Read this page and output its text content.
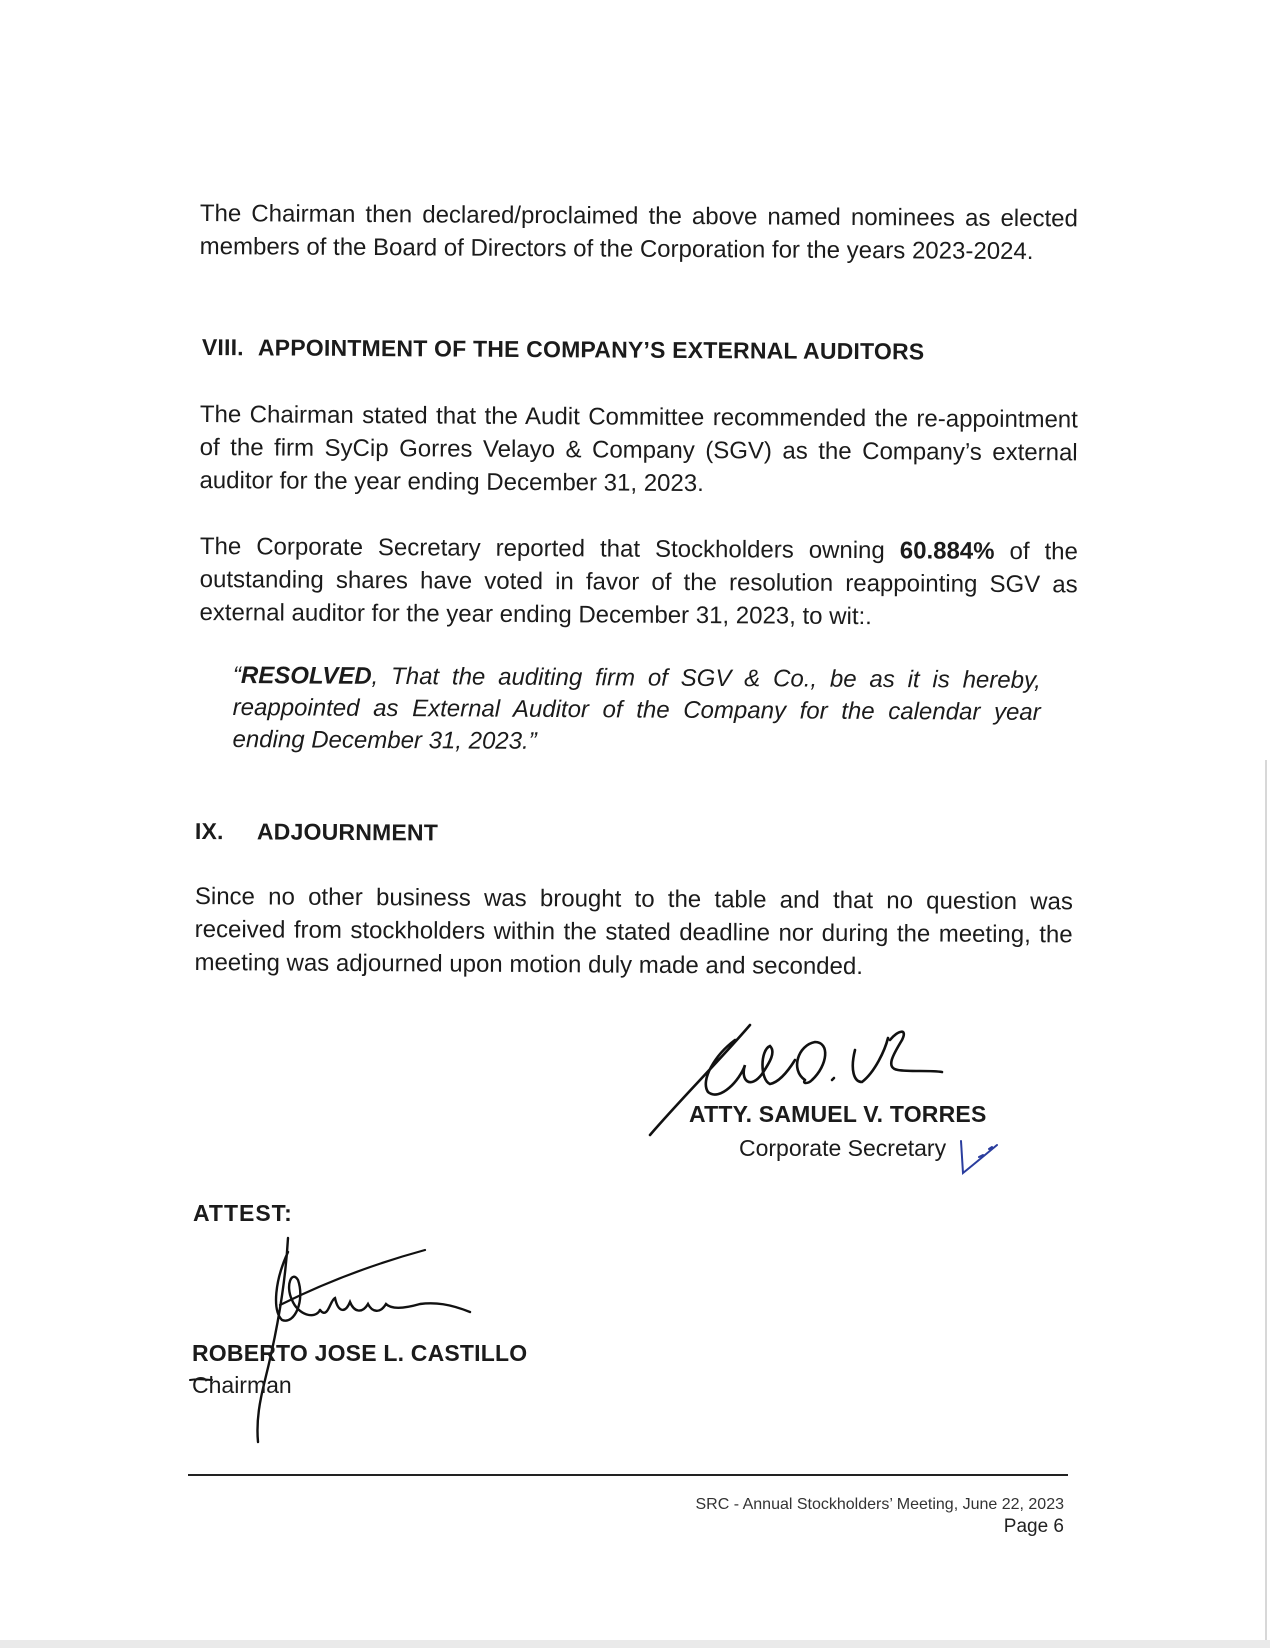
The Chairman then declared/proclaimed the above named nominees as elected members of the Board of Directors of the Corporation for the years 2023-2024.
VIII. APPOINTMENT OF THE COMPANY’S EXTERNAL AUDITORS
The Chairman stated that the Audit Committee recommended the re-appointment of the firm SyCip Gorres Velayo & Company (SGV) as the Company’s external auditor for the year ending December 31, 2023.
The Corporate Secretary reported that Stockholders owning 60.884% of the outstanding shares have voted in favor of the resolution reappointing SGV as external auditor for the year ending December 31, 2023, to wit:.
“RESOLVED, That the auditing firm of SGV & Co., be as it is hereby, reappointed as External Auditor of the Company for the calendar year ending December 31, 2023.”
IX. ADJOURNMENT
Since no other business was brought to the table and that no question was received from stockholders within the stated deadline nor during the meeting, the meeting was adjourned upon motion duly made and seconded.
ATTY. SAMUEL V. TORRES
Corporate Secretary
ATTEST:
ROBERTO JOSE L. CASTILLO
Chairman
SRC - Annual Stockholders’ Meeting, June 22, 2023
Page 6
